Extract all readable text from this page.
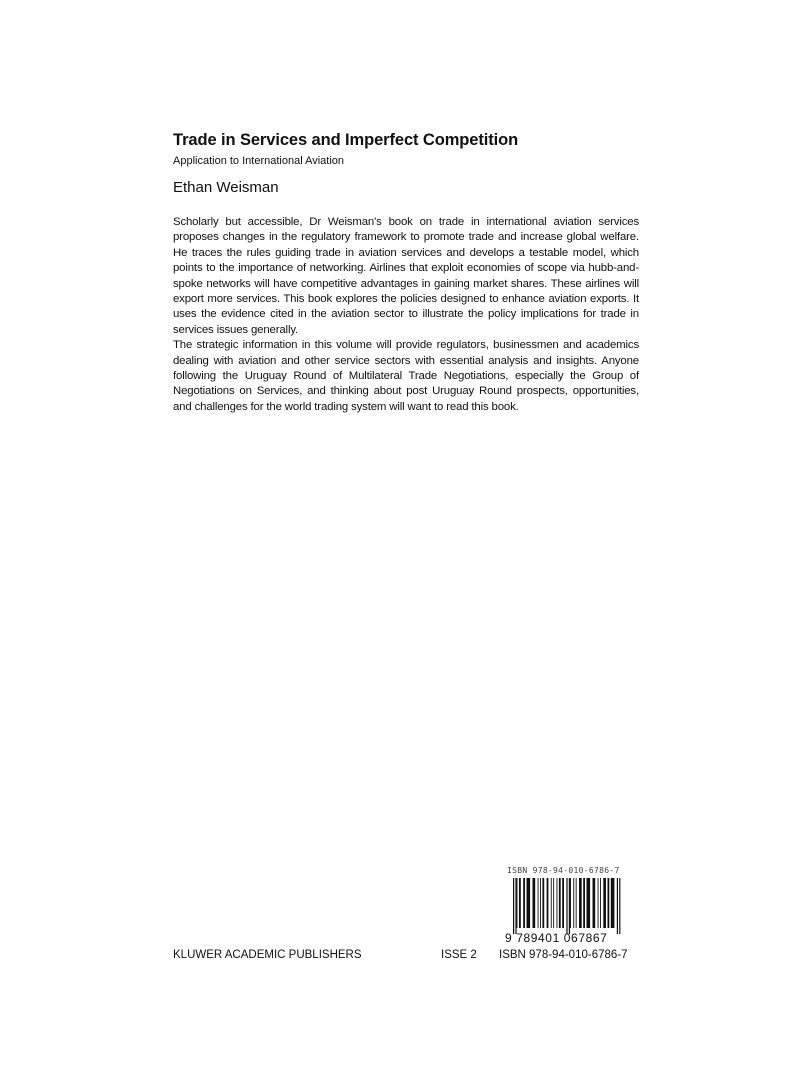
Trade in Services and Imperfect Competition
Application to International Aviation
Ethan Weisman

Scholarly but accessible, Dr Weisman's book on trade in international aviation services proposes changes in the regulatory framework to promote trade and increase global welfare. He traces the rules guiding trade in aviation services and develops a testable model, which points to the importance of networking. Airlines that exploit economies of scope via hubb-and-spoke networks will have competitive advantages in gaining market shares. These airlines will export more services. This book explores the policies designed to enhance aviation exports. It uses the evidence cited in the aviation sector to illustrate the policy implications for trade in services issues generally.

The strategic information in this volume will provide regulators, businessmen and academics dealing with aviation and other service sectors with essential analysis and insights. Anyone following the Uruguay Round of Multilateral Trade Negotiations, especially the Group of Negotiations on Services, and thinking about post Uruguay Round prospects, opportunities, and challenges for the world trading system will want to read this book.

ISBN 978-94-010-6786-7
9 789401 067867
KLUWER ACADEMIC PUBLISHERS	ISSE 2 ISBN 978-94-010-6786-7
